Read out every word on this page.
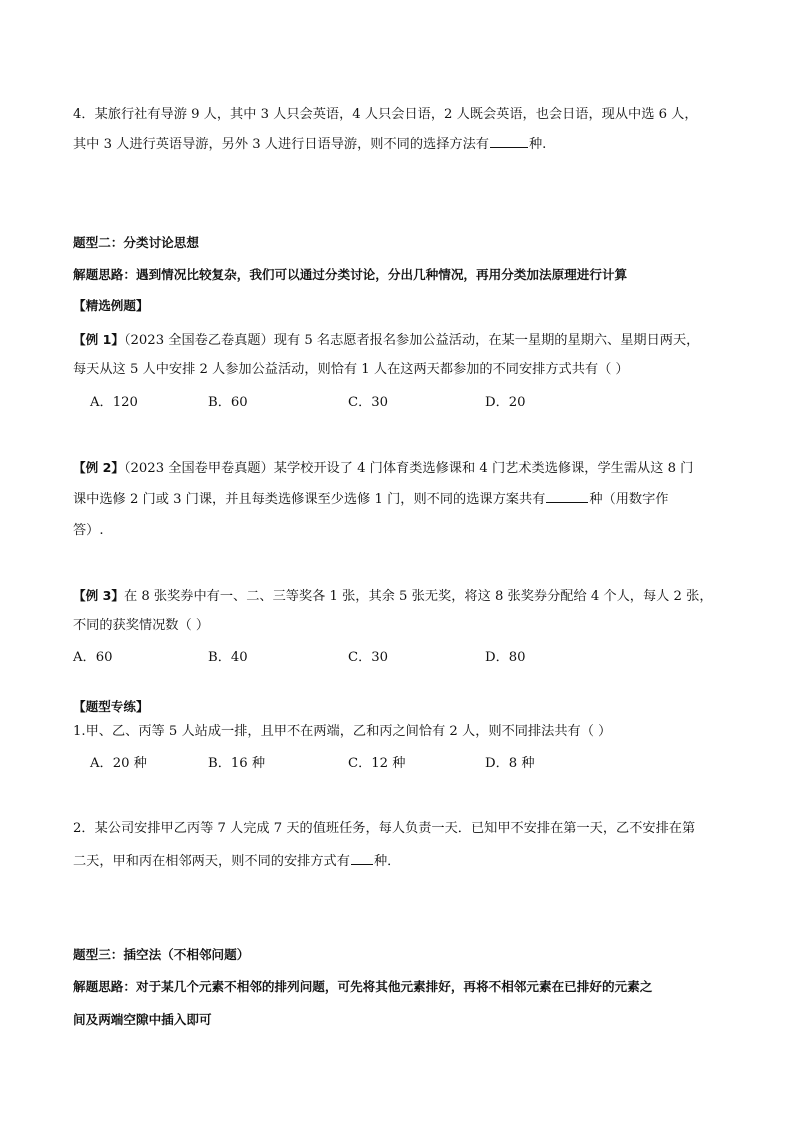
4．某旅行社有导游 9 人，其中 3 人只会英语，4 人只会日语，2 人既会英语，也会日语，现从中选 6 人，
其中 3 人进行英语导游，另外 3 人进行日语导游，则不同的选择方法有	种.
题型二：分类讨论思想
解题思路：遇到情况比较复杂，我们可以通过分类讨论，分出几种情况，再用分类加法原理进行计算
【精选例题】
【例 1】（2023 全国卷乙卷真题）现有 5 名志愿者报名参加公益活动，在某一星期的星期六、星期日两天，
每天从这 5 人中安排 2 人参加公益活动，则恰有 1 人在这两天都参加的不同安排方式共有（ ）
A．120	B．60	C．30	D．20
【例 2】（2023 全国卷甲卷真题）某学校开设了 4 门体育类选修课和 4 门艺术类选修课，学生需从这 8 门
课中选修 2 门或 3 门课，并且每类选修课至少选修 1 门，则不同的选课方案共有	种（用数字作
答）.
【例 3】在 8 张奖券中有一、二、三等奖各 1 张，其余 5 张无奖，将这 8 张奖券分配给 4 个人，每人 2 张，
不同的获奖情况数（ ）
A．60	B．40	C．30	D．80
【题型专练】
1.甲、乙、丙等 5 人站成一排，且甲不在两端，乙和丙之间恰有 2 人，则不同排法共有（ ）
A．20 种	B．16 种	C．12 种	D．8 种
2．某公司安排甲乙丙等 7 人完成 7 天的值班任务，每人负责一天．已知甲不安排在第一天，乙不安排在第
二天，甲和丙在相邻两天，则不同的安排方式有 种．
题型三：插空法（不相邻问题）
解题思路：对于某几个元素不相邻的排列问题，可先将其他元素排好，再将不相邻元素在已排好的元素之
间及两端空隙中插入即可
